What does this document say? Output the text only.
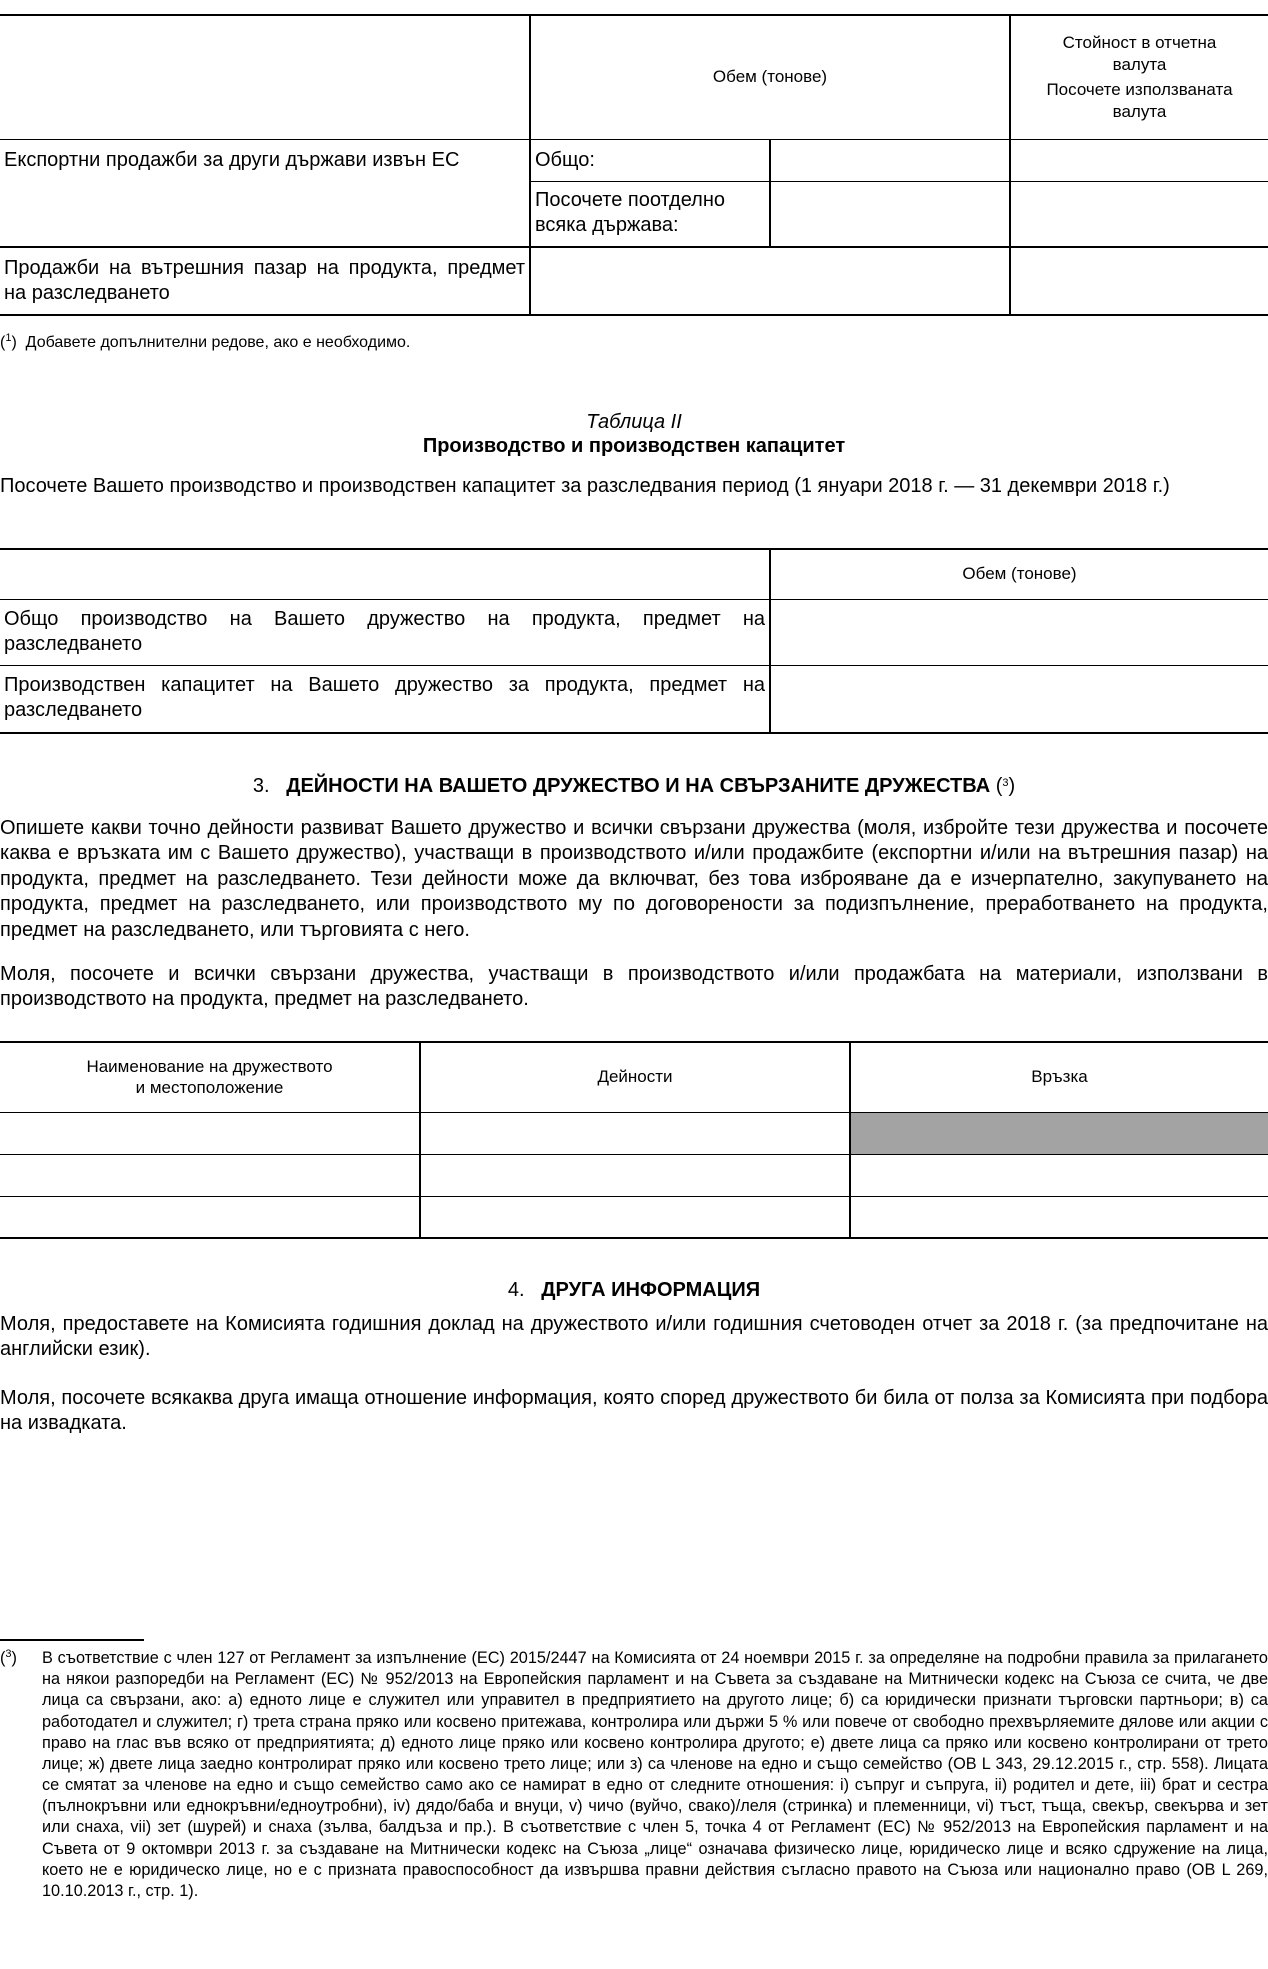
	Обем (тонове)		Стойност в отчетна валута
Посочете използваната валута

Експортни продажби за други държави извън ЕС	Общо:		
	Посочете поотделно всяка държава:		
Продажби на вътрешния пазар на продукта, предмет на разследването			
($^1$)  Добавете допълнителни редове, ако е необходимо.
Таблица II
Производство и производствен капацитет
Посочете Вашето производство и производствен капацитет за разследвания период (1 януари 2018 г. — 31 декември 2018 г.)
	Обем (тонове)
Общо производство на Вашето дружество на продукта, предмет на разследването	
Производствен капацитет на Вашето дружество за продукта, предмет на разследването	
3. ДЕЙНОСТИ НА ВАШЕТО ДРУЖЕСТВО И НА СВЪРЗАНИТЕ ДРУЖЕСТВА ($^3$)
Опишете какви точно дейности развиват Вашето дружество и всички свързани дружества (моля, избройте тези дружества и посочете каква е връзката им с Вашето дружество), участващи в производството и/или продажбите (експортни и/или на вътрешния пазар) на продукта, предмет на разследването. Тези дейности може да включват, без това изброяване да е изчерпателно, закупуването на продукта, предмет на разследването, или производството му по договорености за подизпълнение, преработването на продукта, предмет на разследването, или търговията с него.
Моля, посочете и всички свързани дружества, участващи в производството и/или продажбата на материали, използвани в производството на продукта, предмет на разследването.
Наименование на дружеството
и местоположение	Дейности	Връзка

4. ДРУГА ИНФОРМАЦИЯ
Моля, предоставете на Комисията годишния доклад на дружеството и/или годишния счетоводен отчет за 2018 г. (за предпочитане на английски език).
Моля, посочете всякаква друга имаща отношение информация, която според дружеството би била от полза за Комисията при подбора на извадката.
($^3$) В съответствие с член 127 от Регламент за изпълнение (ЕС) 2015/2447 на Комисията от 24 ноември 2015 г. за определяне на подробни правила за прилагането на някои разпоредби на Регламент (ЕС) № 952/2013 на Европейския парламент и на Съвета за създаване на Митнически кодекс на Съюза се счита, че две лица са свързани, ако: а) едното лице е служител или управител в предприятието на другото лице; б) са юридически признати търговски партньори; в) са работодател и служител; г) трета страна пряко или косвено притежава, контролира или държи 5 % или повече от свободно прехвърляемите дялове или акции с право на глас във всяко от предприятията; д) едното лице пряко или косвено контролира другото; е) двете лица са пряко или косвено контролирани от трето лице; ж) двете лица заедно контролират пряко или косвено трето лице; или з) са членове на едно и също семейство (ОВ L 343, 29.12.2015 г., стр. 558). Лицата се смятат за членове на едно и също семейство само ако се намират в едно от следните отношения: i) съпруг и съпруга, ii) родител и дете, iii) брат и сестра (пълнокръвни или еднокръвни/едноутробни), iv) дядо/баба и внуци, v) чичо (вуйчо, свако)/леля (стринка) и племенници, vi) тъст, тъща, свекър, свекърва и зет или снаха, vii) зет (шурей) и снаха (зълва, балдъза и пр.). В съответствие с член 5, точка 4 от Регламент (ЕС) № 952/2013 на Европейския парламент и на Съвета от 9 октомври 2013 г. за създаване на Митнически кодекс на Съюза „лице“ означава физическо лице, юридическо лице и всяко сдружение на лица, което не е юридическо лице, но е с призната правоспособност да извършва правни действия съгласно правото на Съюза или национално право (ОВ L 269, 10.10.2013 г., стр. 1).
